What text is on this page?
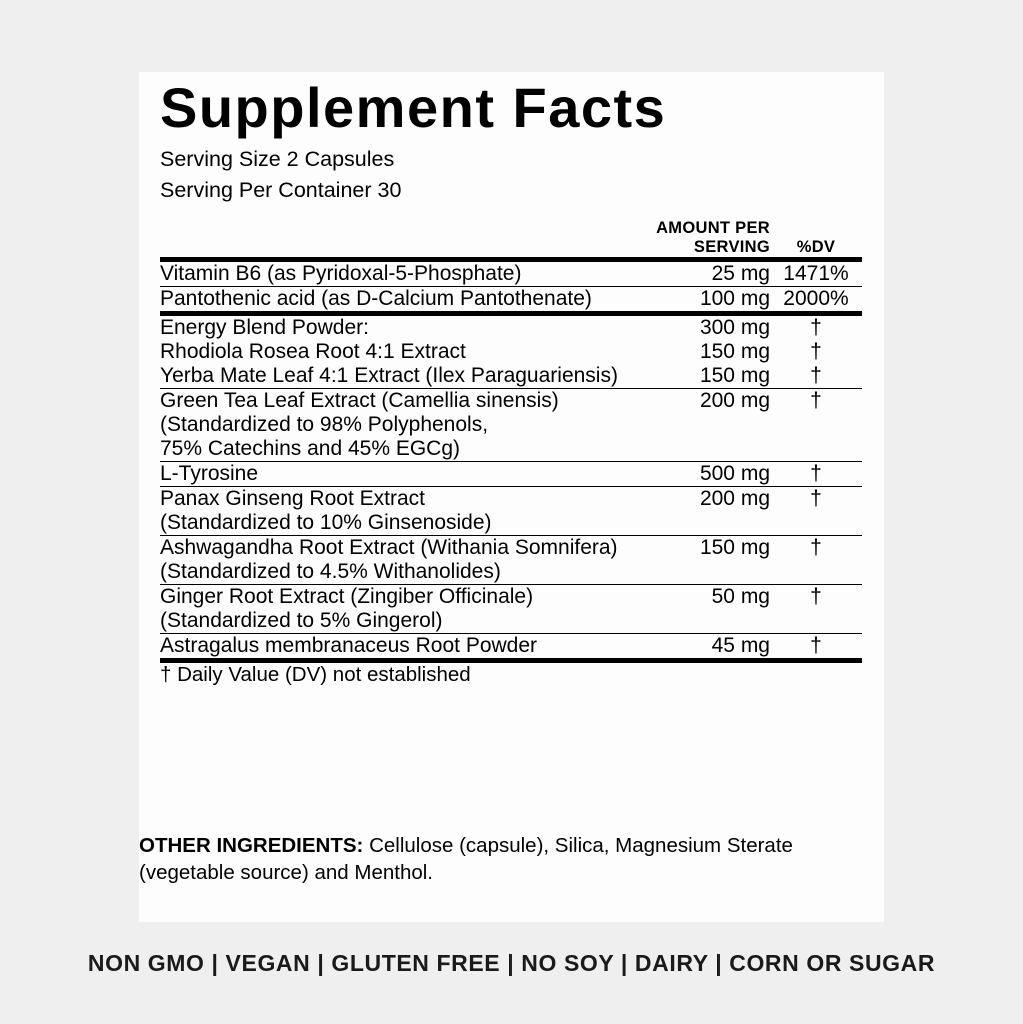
Supplement Facts
Serving Size 2 Capsules
Serving Per Container 30
	AMOUNT PER SERVING	%DV
Vitamin B6 (as Pyridoxal-5-Phosphate)	25 mg	1471%
Pantothenic acid (as D-Calcium Pantothenate)	100 mg	2000%
Energy Blend Powder:	300 mg	†
Rhodiola Rosea Root 4:1 Extract	150 mg	†
Yerba Mate Leaf 4:1 Extract (Ilex Paraguariensis)	150 mg	†
Green Tea Leaf Extract (Camellia sinensis)	200 mg	†
(Standardized to 98% Polyphenols,		
75% Catechins and 45% EGCg)		
L-Tyrosine	500 mg	†
Panax Ginseng Root Extract	200 mg	†
(Standardized to 10% Ginsenoside)		
Ashwagandha Root Extract (Withania Somnifera)	150 mg	†
(Standardized to 4.5% Withanolides)		
Ginger Root Extract (Zingiber Officinale)	50 mg	†
(Standardized to 5% Gingerol)		
Astragalus membranaceus Root Powder	45 mg	†
† Daily Value (DV) not established		
OTHER INGREDIENTS: Cellulose (capsule), Silica, Magnesium Sterate (vegetable source) and Menthol.
NON GMO | VEGAN | GLUTEN FREE | NO SOY | DAIRY | CORN OR SUGAR
